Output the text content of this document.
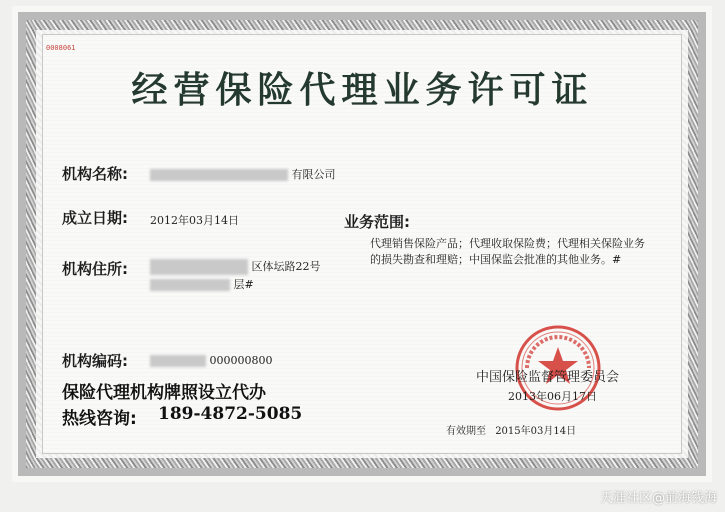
0008061
经营保险代理业务许可证
机构名称:	有限公司
成立日期: 2012年03月14日	业务范围:
代理销售保险产品；代理收取保险费；代理相关保险业务的损失勘查和理赔；中国保监会批准的其他业务。#
机构住所:	区体坛路22号
层#
机构编码:	000000800
保险代理机构牌照设立代办
热线咨询: 189-4872-5085
中国保险监督管理委员会
2013年06月17日
有效期至 2015年03月14日
天涯社区@前海钱海
